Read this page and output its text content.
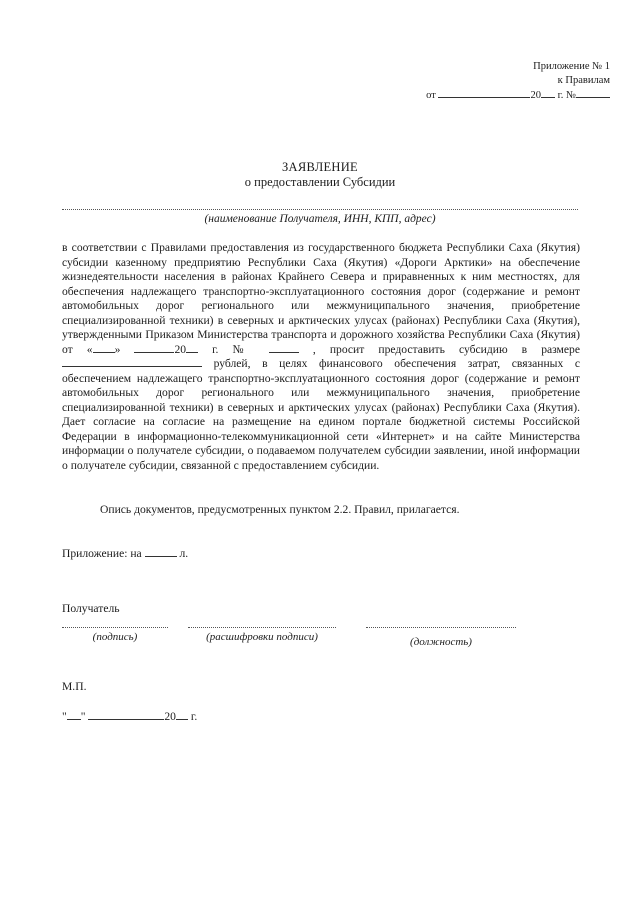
Приложение № 1
к Правилам
от	20 г. №
ЗАЯВЛЕНИЕ
о предоставлении Субсидии
(наименование Получателя, ИНН, КПП, адрес)

в соответствии с Правилами предоставления из государственного бюджета Республики Саха (Якутия) субсидии казенному предприятию Республики Саха (Якутия) «Дороги Арктики» на обеспечение жизнедеятельности населения в районах Крайнего Севера и приравненных к ним местностях, для обеспечения надлежащего транспортно-эксплуатационного состояния дорог (содержание и ремонт автомобильных дорог регионального или межмуниципального значения, приобретение специализированной техники) в северных и арктических улусах (районах) Республики Саха (Якутия), утвержденными Приказом Министерства транспорта и дорожного хозяйства Республики Саха (Якутия) от « »	20 г. №	, просит предоставить субсидию в размере  рублей, в целях финансового обеспечения затрат, связанных с обеспечением надлежащего транспортно-эксплуатационного состояния дорог (содержание и ремонт автомобильных дорог регионального или межмуниципального значения, приобретение специализированной техники) в северных и арктических улусах (районах) Республики Саха (Якутия). Дает согласие на согласие на размещение на едином портале бюджетной системы Российской Федерации в информационно-телекоммуникационной сети «Интернет» и на сайте Министерства информации о получателе субсидии, о подаваемом получателем субсидии заявлении, иной информации о получателе субсидии, связанной с предоставлением субсидии.

Опись документов, предусмотренных пунктом 2.2. Правил, прилагается.
Приложение: на	л.
Получатель
(подпись)	(расшифровки подписи)	(должность)
М.П.
" "	20 г.
